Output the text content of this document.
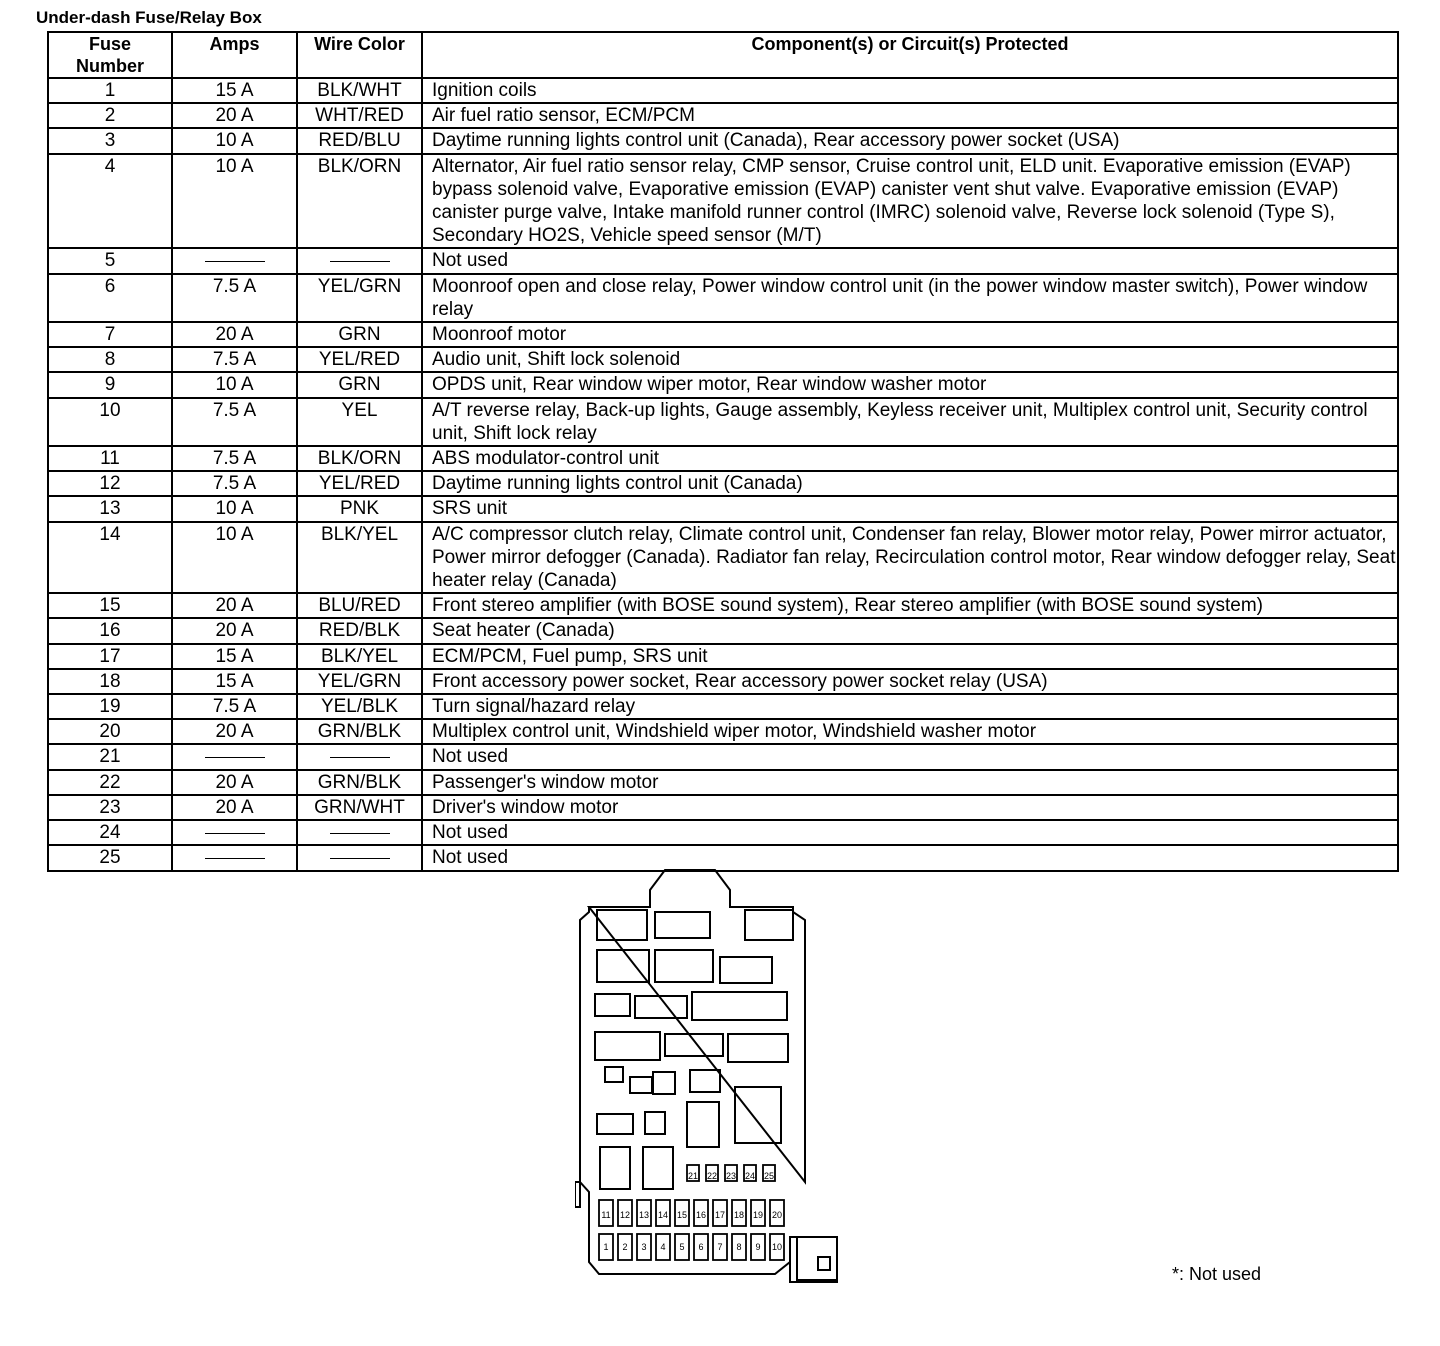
Under-dash Fuse/Relay Box
Fuse
Number	Amps	Wire Color	Component(s) or Circuit(s) Protected
1	15 A	BLK/WHT	Ignition coils
2	20 A	WHT/RED	Air fuel ratio sensor, ECM/PCM
3	10 A	RED/BLU	Daytime running lights control unit (Canada), Rear accessory power socket (USA)
4	10 A	BLK/ORN	Alternator, Air fuel ratio sensor relay, CMP sensor, Cruise control unit, ELD unit. Evaporative emission (EVAP) bypass solenoid valve, Evaporative emission (EVAP) canister vent shut valve. Evaporative emission (EVAP) canister purge valve, Intake manifold runner control (IMRC) solenoid valve, Reverse lock solenoid (Type S), Secondary HO2S, Vehicle speed sensor (M/T)
5			Not used
6	7.5 A	YEL/GRN	Moonroof open and close relay, Power window control unit (in the power window master switch), Power window relay
7	20 A	GRN	Moonroof motor
8	7.5 A	YEL/RED	Audio unit, Shift lock solenoid
9	10 A	GRN	OPDS unit, Rear window wiper motor, Rear window washer motor
10	7.5 A	YEL	A/T reverse relay, Back-up lights, Gauge assembly, Keyless receiver unit, Multiplex control unit, Security control unit, Shift lock relay
11	7.5 A	BLK/ORN	ABS modulator-control unit
12	7.5 A	YEL/RED	Daytime running lights control unit (Canada)
13	10 A	PNK	SRS unit
14	10 A	BLK/YEL	A/C compressor clutch relay, Climate control unit, Condenser fan relay, Blower motor relay, Power mirror actuator, Power mirror defogger (Canada). Radiator fan relay, Recirculation control motor, Rear window defogger relay, Seat heater relay (Canada)
15	20 A	BLU/RED	Front stereo amplifier (with BOSE sound system), Rear stereo amplifier (with BOSE sound system)
16	20 A	RED/BLK	Seat heater (Canada)
17	15 A	BLK/YEL	ECM/PCM, Fuel pump, SRS unit
18	15 A	YEL/GRN	Front accessory power socket, Rear accessory power socket relay (USA)
19	7.5 A	YEL/BLK	Turn signal/hazard relay
20	20 A	GRN/BLK	Multiplex control unit, Windshield wiper motor, Windshield washer motor
21			Not used
22	20 A	GRN/BLK	Passenger's window motor
23	20 A	GRN/WHT	Driver's window motor
24			Not used
25			Not used
21 22 23 24 25
11 12 13 14 15 16 17 18 19 20
1 2 3 4 5 6 7 8 9 10
*: Not used
